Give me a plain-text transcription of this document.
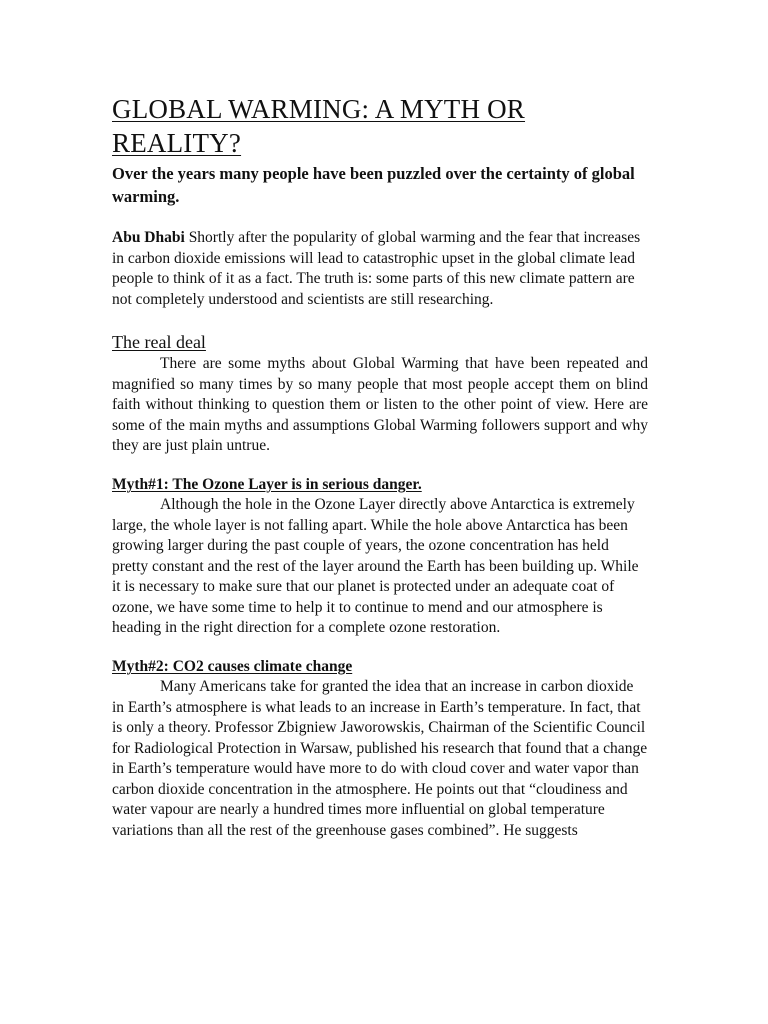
GLOBAL WARMING: A MYTH OR REALITY?

Over the years many people have been puzzled over the certainty of global warming.

Abu Dhabi Shortly after the popularity of global warming and the fear that increases in carbon dioxide emissions will lead to catastrophic upset in the global climate lead people to think of it as a fact. The truth is: some parts of this new climate pattern are not completely understood and scientists are still researching.

The real deal

There are some myths about Global Warming that have been repeated and magnified so many times by so many people that most people accept them on blind faith without thinking to question them or listen to the other point of view. Here are some of the main myths and assumptions Global Warming followers support and why they are just plain untrue.

Myth#1: The Ozone Layer is in serious danger.

Although the hole in the Ozone Layer directly above Antarctica is extremely large, the whole layer is not falling apart. While the hole above Antarctica has been growing larger during the past couple of years, the ozone concentration has held pretty constant and the rest of the layer around the Earth has been building up. While it is necessary to make sure that our planet is protected under an adequate coat of ozone, we have some time to help it to continue to mend and our atmosphere is heading in the right direction for a complete ozone restoration.

Myth#2: CO2 causes climate change

Many Americans take for granted the idea that an increase in carbon dioxide in Earth’s atmosphere is what leads to an increase in Earth’s temperature. In fact, that is only a theory. Professor Zbigniew Jaworowskis, Chairman of the Scientific Council for Radiological Protection in Warsaw, published his research that found that a change in Earth’s temperature would have more to do with cloud cover and water vapor than carbon dioxide concentration in the atmosphere. He points out that “cloudiness and water vapour are nearly a hundred times more influential on global temperature variations than all the rest of the greenhouse gases combined”. He suggests
